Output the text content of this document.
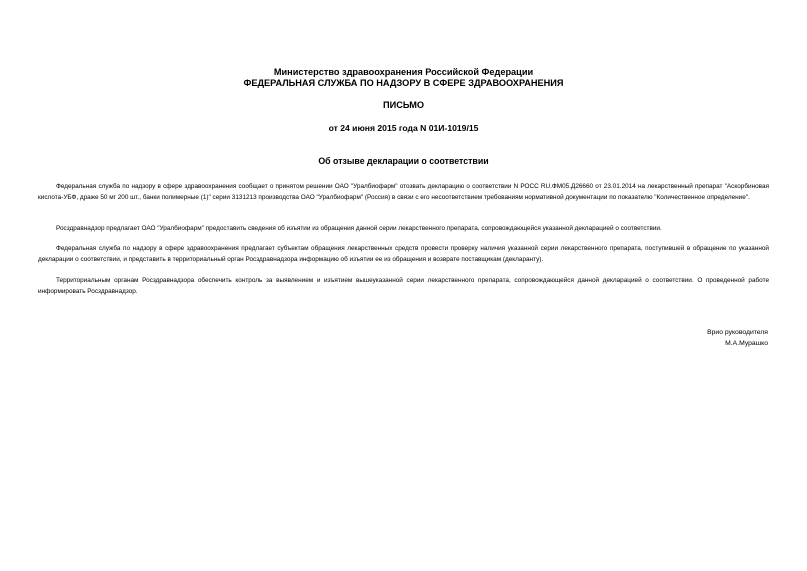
Министерство здравоохранения Российской Федерации
ФЕДЕРАЛЬНАЯ СЛУЖБА ПО НАДЗОРУ В СФЕРЕ ЗДРАВООХРАНЕНИЯ
ПИСЬМО
от 24 июня 2015 года N 01И-1019/15
Об отзыве декларации о соответствии

Федеральная служба по надзору в сфере здравоохранения сообщает о принятом решении ОАО "Уралбиофарм" отозвать декларацию о соответствии N РОСС RU.ФМ05.Д26660 от 23.01.2014 на лекарственный препарат "Аскорбиновая кислота-УБФ, драже 50 мг 200 шт., банки полимерные (1)" серии 3131213 производства ОАО "Уралбиофарм" (Россия) в связи с его несоответствием требованиям нормативной документации по показателю "Количественное определение".

Росздравнадзор предлагает ОАО "Уралбиофарм" предоставить сведения об изъятии из обращения данной серии лекарственного препарата, сопровождающейся указанной декларацией о соответствии.

Федеральная служба по надзору в сфере здравоохранения предлагает субъектам обращения лекарственных средств провести проверку наличия указанной серии лекарственного препарата, поступившей в обращение по указанной декларации о соответствии, и представить в территориальный орган Росздравнадзора информацию об изъятии ее из обращения и возврате поставщикам (декларанту).

Территориальным органам Росздравнадзора обеспечить контроль за выявлением и изъятием вышеуказанной серии лекарственного препарата, сопровождающейся данной декларацией о соответствии. О проведенной работе информировать Росздравнадзор.

Врио руководителя
М.А.Мурашко
